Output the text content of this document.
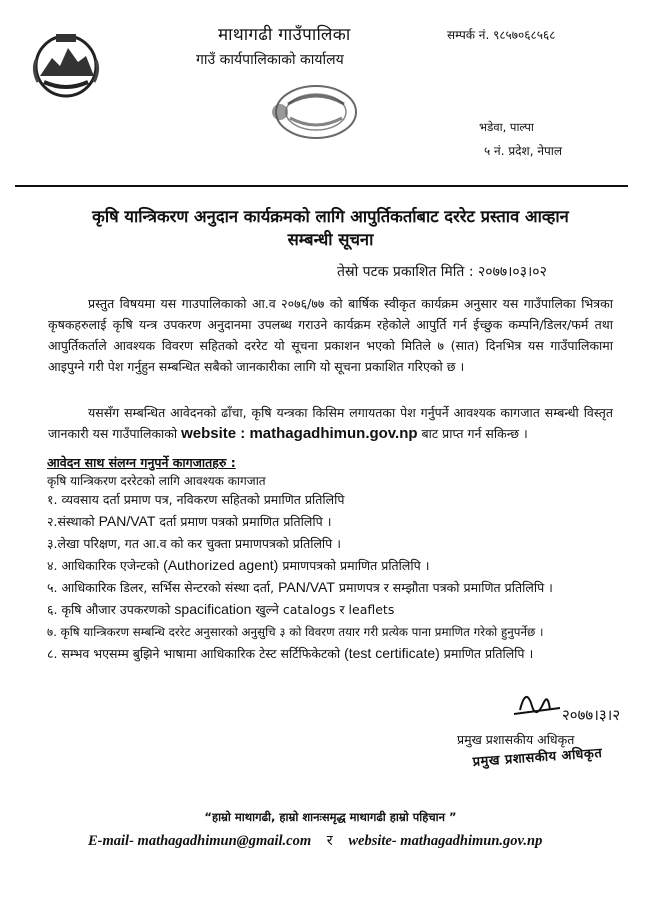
माथागढी गाउँपालिका
गाउँ कार्यपालिकाको कार्यालय
सम्पर्क नं. ९८५७०६८५६८
भडेवा, पाल्पा
५ नं. प्रदेश, नेपाल
कृषि यान्त्रिकरण अनुदान कार्यक्रमको लागि आपुर्तिकर्ताबाट दररेट प्रस्ताव आव्हान
सम्बन्धी सूचना
तेस्रो पटक प्रकाशित मिति : २०७७।०३।०२
प्रस्तुत विषयमा यस गाउपालिकाको आ.व २०७६/७७ को बार्षिक स्वीकृत कार्यक्रम अनुसार यस गाउँपालिका भित्रका कृषकहरुलाई कृषि यन्त्र उपकरण अनुदानमा उपलब्ध गराउने कार्यक्रम रहेकोले आपुर्ति गर्न ईच्छुक कम्पनि/डिलर/फर्म तथा आपुर्तिकर्ताले आवश्यक विवरण सहितको दररेट यो सूचना प्रकाशन भएको मितिले ७ (सात) दिनभित्र यस गाउँपालिकामा आइपुग्ने गरी पेश गर्नुहुन सम्बन्धित सबैको जानकारीका लागि यो सूचना प्रकाशित गरिएको छ ।
यससँग सम्बन्धित आवेदनको ढाँचा, कृषि यन्त्रका किसिम लगायतका पेश गर्नुपर्ने आवश्यक कागजात सम्बन्धी विस्तृत जानकारी यस गाउँपालिकाको website : mathagadhimun.gov.np बाट प्राप्त गर्न सकिन्छ ।
आवेदन साथ संलग्न गनुपर्ने कागजातहरु :
कृषि यान्त्रिकरण दररेटको लागि आवश्यक कागजात
१. व्यवसाय दर्ता प्रमाण पत्र, नविकरण सहितको प्रमाणित प्रतिलिपि
२.संस्थाको PAN/VAT दर्ता प्रमाण पत्रको प्रमाणित प्रतिलिपि ।
३.लेखा परिक्षण, गत आ.व को कर चुक्ता प्रमाणपत्रको प्रतिलिपि ।
४. आधिकारिक एजेन्टको (Authorized agent) प्रमाणपत्रको प्रमाणित प्रतिलिपि ।
५. आधिकारिक डिलर, सर्भिस सेन्टरको संस्था दर्ता, PAN/VAT प्रमाणपत्र र सम्झौता पत्रको प्रमाणित प्रतिलिपि ।
६. कृषि औजार उपकरणको spacification खुल्ने catalogs र leaflets
७. कृषि यान्त्रिकरण सम्बन्धि दररेट अनुसारको अनुसुचि ३ को विवरण तयार गरी प्रत्येक पाना प्रमाणित गरेको हुनुपर्नेछ ।
८. सम्भव भएसम्म बुझिने भाषामा आधिकारिक टेस्ट सर्टिफिकेटको (test certificate) प्रमाणित प्रतिलिपि ।
२०७७।३।२
प्रमुख प्रशासकीय अधिकृत
प्रमुख प्रशासकीय अधिकृत
“हाम्रो माथागढी, हाम्रो शानःसमृद्ध माथागढी हाम्रो पहिचान ”
E-mail- mathagadhimun@gmail.com र website- mathagadhimun.gov.np
